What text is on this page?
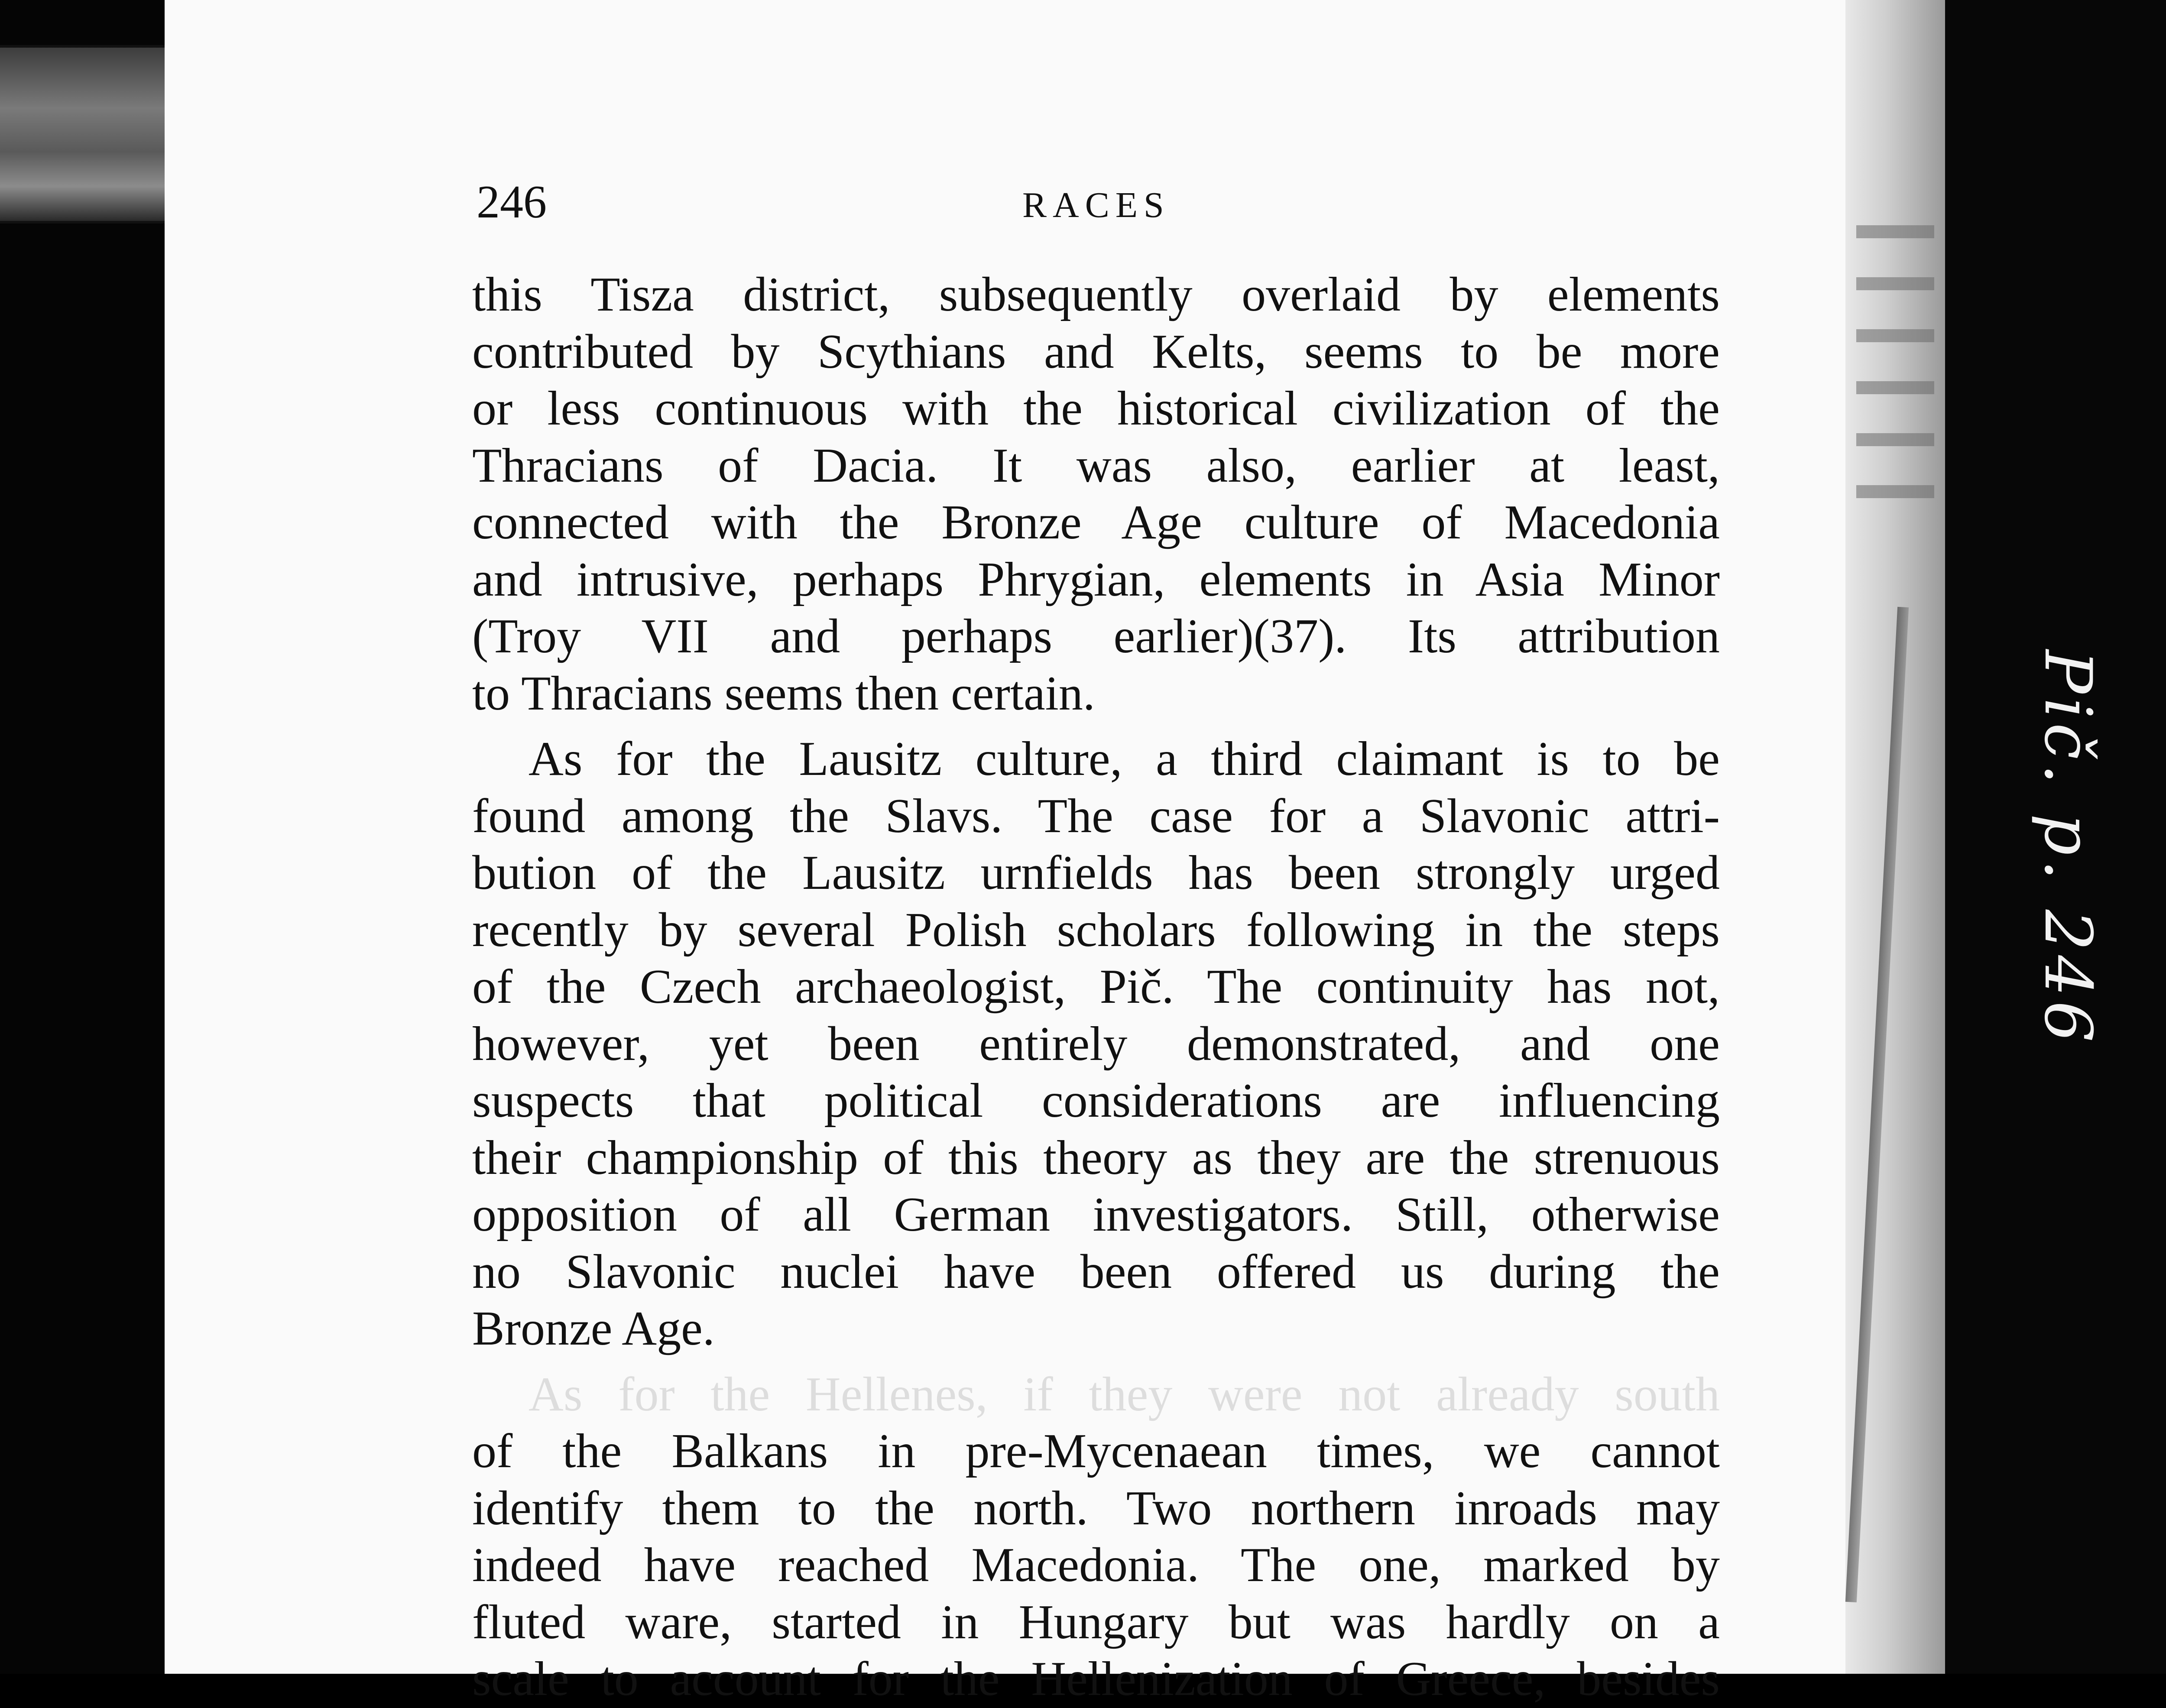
Pič. p. 246
246	RACES
this Tisza district, subsequently overlaid by elements
contributed by Scythians and Kelts, seems to be more
or less continuous with the historical civilization of the
Thracians of Dacia. It was also, earlier at least,
connected with the Bronze Age culture of Macedonia
and intrusive, perhaps Phrygian, elements in Asia Minor
(Troy VII and perhaps earlier)(37). Its attribution
to Thracians seems then certain.
As for the Lausitz culture, a third claimant is to be
found among the Slavs. The case for a Slavonic attri-
bution of the Lausitz urnfields has been strongly urged
recently by several Polish scholars following in the steps
of the Czech archaeologist, Pič. The continuity has not,
however, yet been entirely demonstrated, and one
suspects that political considerations are influencing
their championship of this theory as they are the strenuous
opposition of all German investigators. Still, otherwise
no Slavonic nuclei have been offered us during the
Bronze Age.
As for the Hellenes, if they were not already south
of the Balkans in pre-Mycenaean times, we cannot
identify them to the north. Two northern inroads may
indeed have reached Macedonia. The one, marked by
fluted ware, started in Hungary but was hardly on a
scale to account for the Hellenization of Greece, besides
